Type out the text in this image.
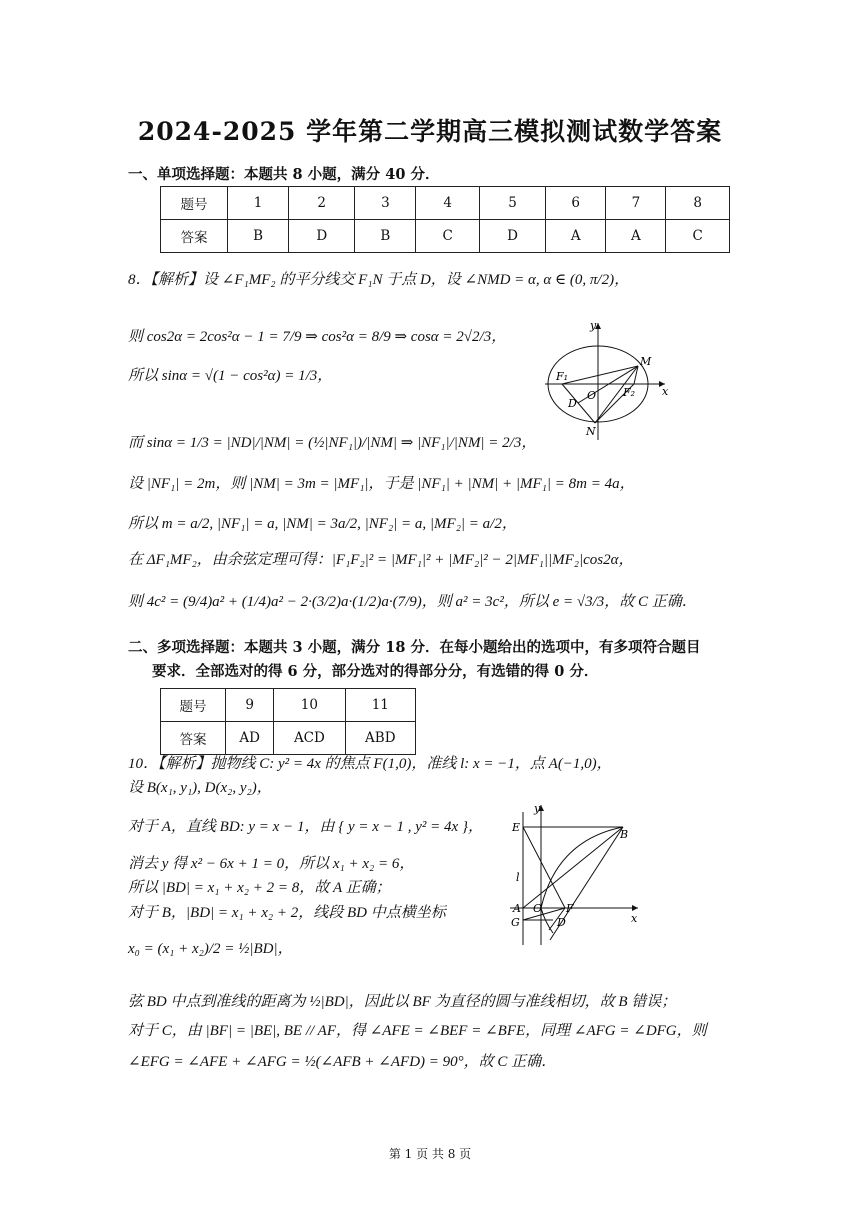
2024-2025 学年第二学期高三模拟测试数学答案
一、单项选择题：本题共 8 小题，满分 40 分．
题号	1	2	3	4	5	6	7	8
答案	B	D	B	C	D	A	A	C
8．【解析】设 ∠F₁MF₂ 的平分线交 F₁N 于点 D，设 ∠NMD = α, α ∈ (0, π/2)，
则 cos2α = 2cos²α − 1 = 7/9 ⇒ cos²α = 8/9 ⇒ cosα = 2√2/3，
所以 sinα = √(1 − cos²α) = 1/3，
而 sinα = 1/3 = |ND|/|NM| = (½|NF₁|)/|NM| ⇒ |NF₁|/|NM| = 2/3，
设 |NF₁| = 2m，则 |NM| = 3m = |MF₁|，于是 |NF₁| + |NM| + |MF₁| = 8m = 4a，
所以 m = a/2, |NF₁| = a, |NM| = 3a/2, |NF₂| = a, |MF₂| = a/2，
在 ΔF₁MF₂，由余弦定理可得：|F₁F₂|² = |MF₁|² + |MF₂|² − 2|MF₁||MF₂|cos2α，
则 4c² = (9/4)a² + (1/4)a² − 2·(3/2)a·(1/2)a·(7/9)，则 a² = 3c²，所以 e = √3/3，故 C 正确．
y
x
O
M
F₁
F₂
D
N
二、多项选择题：本题共 3 小题，满分 18 分．在每小题给出的选项中，有多项符合题目
要求．全部选对的得 6 分，部分选对的得部分分，有选错的得 0 分．
题号	9	10	11
答案	AD	ACD	ABD
10．【解析】抛物线 C: y² = 4x 的焦点 F(1,0)，准线 l: x = −1，点 A(−1,0)，
设 B(x₁, y₁), D(x₂, y₂)，
对于 A，直线 BD: y = x − 1，由 { y = x − 1 , y² = 4x }，
消去 y 得 x² − 6x + 1 = 0，所以 x₁ + x₂ = 6，
所以 |BD| = x₁ + x₂ + 2 = 8，故 A 正确；
对于 B，|BD| = x₁ + x₂ + 2，线段 BD 中点横坐标
x₀ = (x₁ + x₂)/2 = ½|BD|，
弦 BD 中点到准线的距离为 ½|BD|，因此以 BF 为直径的圆与准线相切，故 B 错误；
对于 C，由 |BF| = |BE|, BE // AF，得 ∠AFE = ∠BEF = ∠BFE，同理 ∠AFG = ∠DFG，则
∠EFG = ∠AFE + ∠AFG = ½(∠AFB + ∠AFD) = 90°，故 C 正确．
y
x
E
B
l
A O F
G	D
第 1 页 共 8 页
